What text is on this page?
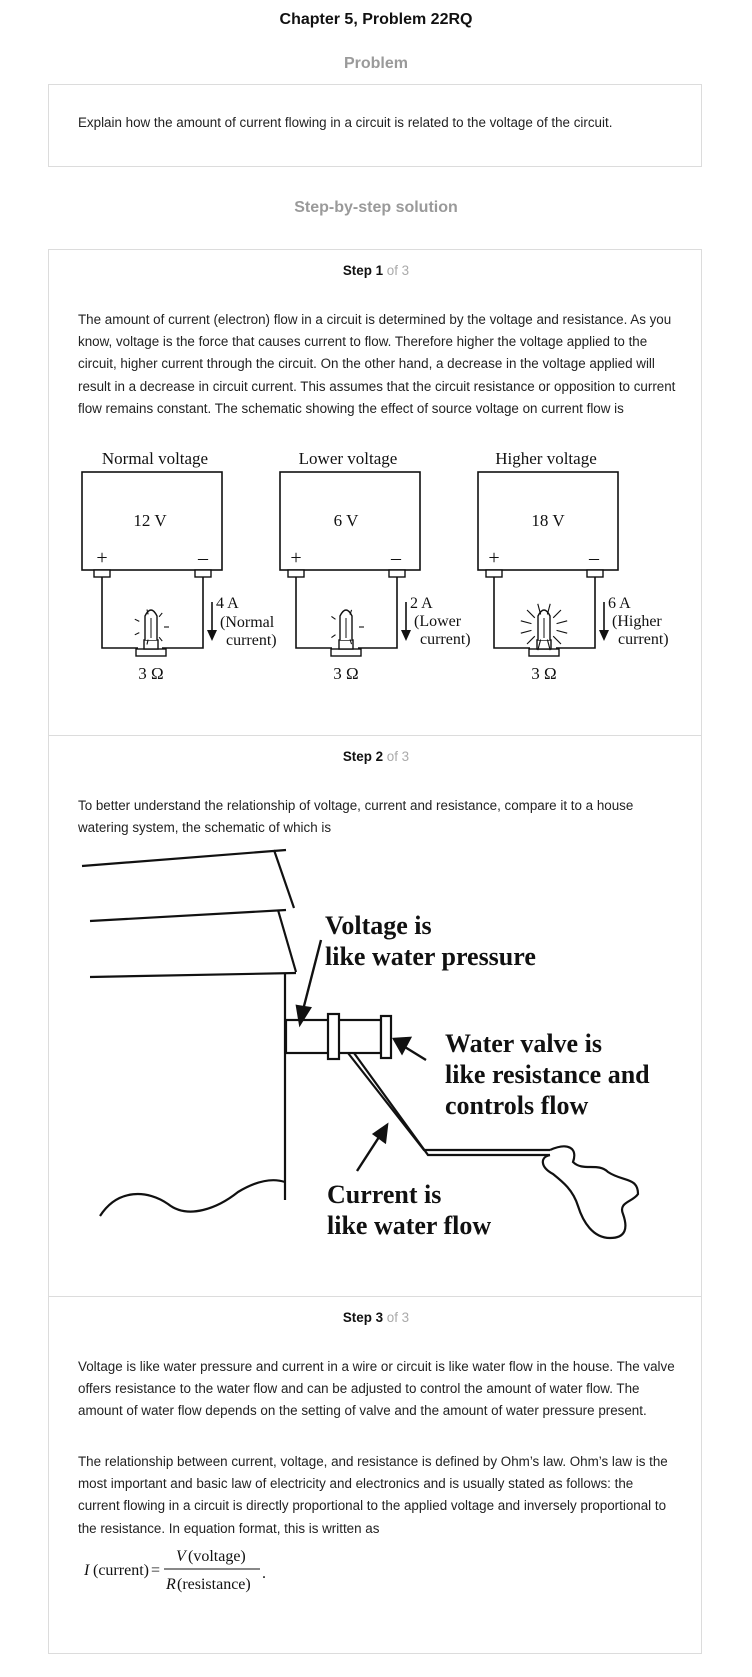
Chapter 5, Problem 22RQ
Problem
Explain how the amount of current flowing in a circuit is related to the voltage of the circuit.
Step-by-step solution
Step 1 of 3
The amount of current (electron) flow in a circuit is determined by the voltage and resistance. As you know, voltage is the force that causes current to flow. Therefore higher the voltage applied to the circuit, higher current through the circuit. On the other hand, a decrease in the voltage applied will result in a decrease in circuit current. This assumes that the circuit resistance or opposition to current flow remains constant. The schematic showing the effect of source voltage on current flow is
Normal voltage
12 V
+	–
4 A
(Normal
current)
3 Ω
Lower voltage
6 V
+	–
2 A
(Lower
current)
3 Ω
Higher voltage
18 V
+	–
6 A
(Higher
current)
3 Ω
Step 2 of 3
To better understand the relationship of voltage, current and resistance, compare it to a house watering system, the schematic of which is
Voltage is
like water pressure
Water valve is
like resistance and
controls flow
Current is
like water flow
Step 3 of 3
Voltage is like water pressure and current in a wire or circuit is like water flow in the house. The valve offers resistance to the water flow and can be adjusted to control the amount of water flow. The amount of water flow depends on the setting of valve and the amount of water pressure present.
The relationship between current, voltage, and resistance is defined by Ohm’s law. Ohm’s law is the most important and basic law of electricity and electronics and is usually stated as follows: the current flowing in a circuit is directly proportional to the applied voltage and inversely proportional to the resistance. In equation format, this is written as
I (current) =
V (voltage)
R (resistance)
.
